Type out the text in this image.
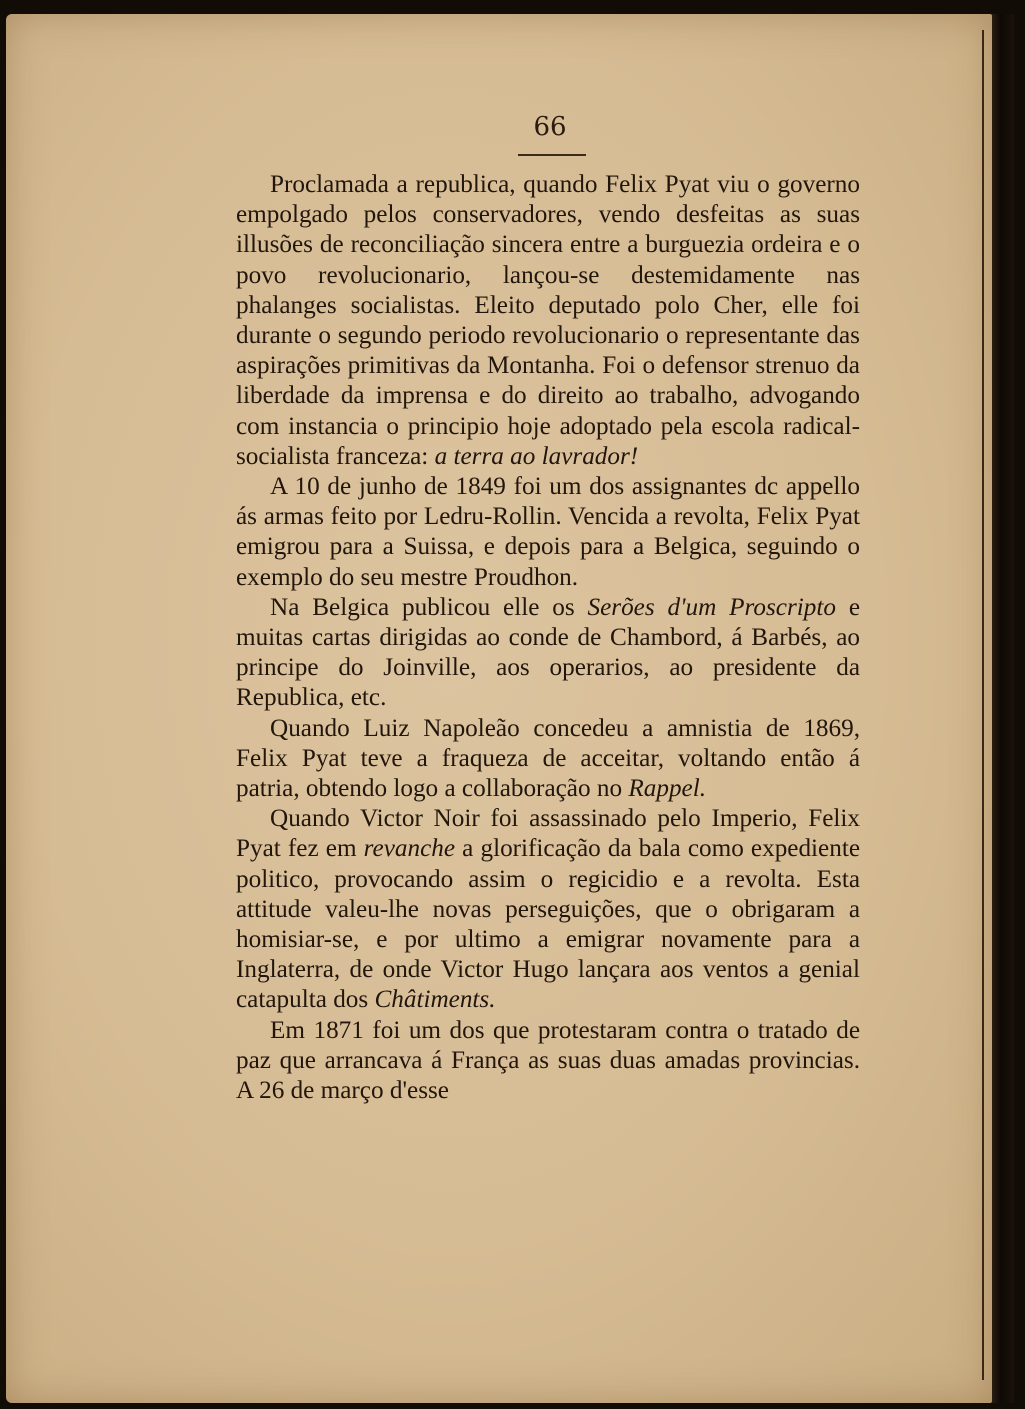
66

Proclamada a republica, quando Felix Pyat viu o governo empolgado pelos conservadores, vendo desfeitas as suas illusões de reconciliação sincera entre a burguezia ordeira e o povo revolucionario, lançou-se destemidamente nas phalanges socialistas. Eleito deputado polo Cher, elle foi durante o segundo periodo revolucionario o representante das aspirações primitivas da Montanha. Foi o defensor strenuo da liberdade da imprensa e do direito ao trabalho, advogando com instancia o principio hoje adoptado pela escola radical-socialista franceza: a terra ao lavrador!

A 10 de junho de 1849 foi um dos assignantes dc appello ás armas feito por Ledru-Rollin. Vencida a revolta, Felix Pyat emigrou para a Suissa, e depois para a Belgica, seguindo o exemplo do seu mestre Proudhon.

Na Belgica publicou elle os Serões d'um Proscripto e muitas cartas dirigidas ao conde de Chambord, á Barbés, ao principe do Joinville, aos operarios, ao presidente da Republica, etc.

Quando Luiz Napoleão concedeu a amnistia de 1869, Felix Pyat teve a fraqueza de acceitar, voltando então á patria, obtendo logo a collaboração no Rappel.

Quando Victor Noir foi assassinado pelo Imperio, Felix Pyat fez em revanche a glorificação da bala como expediente politico, provocando assim o regicidio e a revolta. Esta attitude valeu-lhe novas perseguições, que o obrigaram a homisiar-se, e por ultimo a emigrar novamente para a Inglaterra, de onde Victor Hugo lançara aos ventos a genial catapulta dos Châtiments.

Em 1871 foi um dos que protestaram contra o tratado de paz que arrancava á França as suas duas amadas provincias. A 26 de março d'esse
